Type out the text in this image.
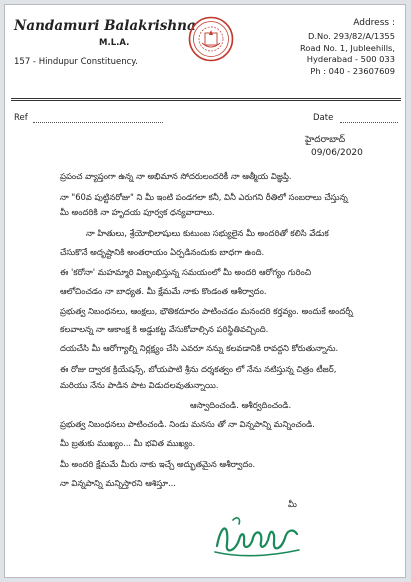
Nandamuri Balakrishna
M.L.A.
157 - Hindupur Constituency.
Address :
D.No. 293/82/A/1355
Road No. 1, Jubleehills,
Hyderabad - 500 033
Ph : 040 - 23607609
Ref	Date
హైదరాబాద్
09/06/2020
ప్రపంచ వ్యాప్తంగా ఉన్న నా అభిమాన సోదరులందరికీ నా ఆత్మీయ విజ్ఞప్తి.
నా "60వ పుట్టినరోజు" ని మీ ఇంటి పండగలా కనీ, వినీ ఎరుగని రీతిలో సంబరాలు చేస్తున్న
మీ అందరికి నా హృదయ పూర్వక ధన్యవాదాలు.
నా హితులు, శ్రేయోభిలాషులు కుటుంబ సభ్యులైన మీ అందరితో కలిసి వేడుక
చేసుకొనే అదృష్టానికి అంతరాయం ఏర్పడినందుకు బాధగా ఉంది.
ఈ 'కరోనా' మహమ్మారి విజృంభిస్తున్న సమయంలో మీ అందరి ఆరోగ్యం గురించి
ఆలోచించడం నా బాధ్యత. మీ క్షేమమే నాకు కొండంత ఆశీర్వాదం.
ప్రభుత్వ నిబంధనలు, ఆంక్షలు, భౌతికదూరం పాటించడం మనందరి కర్తవ్యం. అందుకే అందర్నీ
కలవాలన్న నా ఆకాంక్ష కి అడ్డుకట్ట వేసుకోవాల్సిన పరిస్థితివచ్చింది.
దయచేసి మీ ఆరోగ్యాల్ని నిర్లక్ష్యం చేసి ఎవరూ నన్ను కలవడానికి రావద్దని కోరుతున్నాను.
ఈ రోజు ద్వారక క్రియేషన్స్, బోయపాటి శ్రీను దర్శకత్వం లో నేను నటిస్తున్న చిత్రం టీజర్,
మరియు నేను పాడిన పాట విడుదలవుతున్నాయి.
ఆస్వాదించండి. ఆశీర్వదించండి.
ప్రభుత్వ నిబంధనలు పాటించండి. నిండు మనసు తో నా విన్నపాన్ని మన్నించండి.
మీ బ్రతుకు ముఖ్యం... మీ భవిత ముఖ్యం.
మీ అందరి క్షేమమే మీరు నాకు ఇచ్చే అద్భుతమైన ఆశీర్వాదం.
నా విన్నపాన్ని మన్నిస్తారని ఆశిస్తూ...
మీ
